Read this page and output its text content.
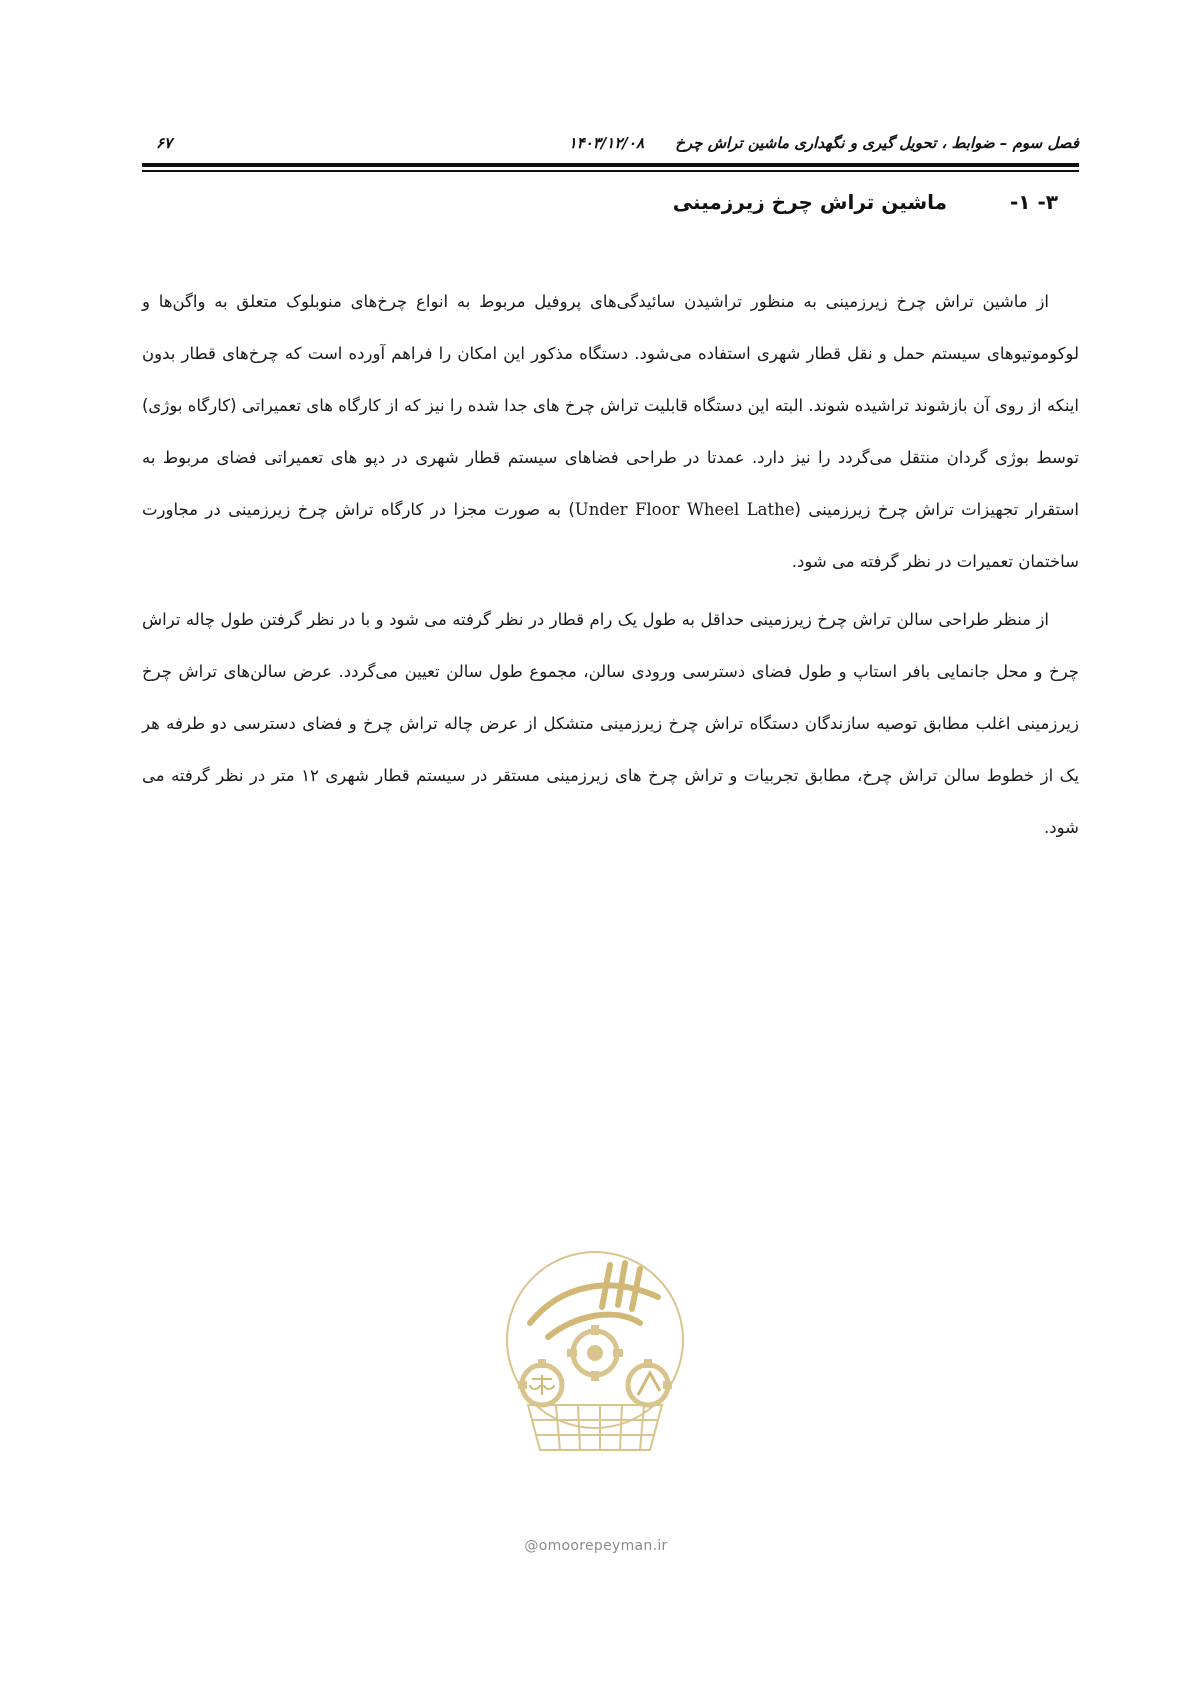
فصل سوم – ضوابط ، تحویل گیری و نگهداری ماشین تراش چرخ ۱۴۰۳/۱۲/۰۸
۶۷
۳- ۱- ماشین تراش چرخ زیرزمینی

از ماشین تراش چرخ زیرزمینی به منظور تراشیدن سائیدگی‌های پروفیل مربوط به انواع چرخ‌های منوبلوک متعلق به واگن‌ها و لوکوموتیوهای سیستم حمل و نقل قطار شهری استفاده می‌شود. دستگاه مذکور این امکان را فراهم آورده است که چرخ‌های قطار بدون اینکه از روی آن بازشوند تراشیده شوند. البته این دستگاه قابلیت تراش چرخ های جدا شده را نیز که از کارگاه های تعمیراتی (کارگاه بوژی) توسط بوژی گردان منتقل می‌گردد را نیز دارد. عمدتا در طراحی فضاهای سیستم قطار شهری در دپو های تعمیراتی فضای مربوط به استقرار تجهیزات تراش چرخ زیرزمینی (Under Floor Wheel Lathe) به صورت مجزا در کارگاه تراش چرخ زیرزمینی در مجاورت ساختمان تعمیرات در نظر گرفته می شود.

از منظر طراحی سالن تراش چرخ زیرزمینی حداقل به طول یک رام قطار در نظر گرفته می شود و با در نظر گرفتن طول چاله تراش چرخ و محل جانمایی بافر استاپ و طول فضای دسترسی ورودی سالن، مجموع طول سالن تعیین می‌گردد. عرض سالن‌های تراش چرخ زیرزمینی اغلب مطابق توصیه سازندگان دستگاه تراش چرخ زیرزمینی متشکل از عرض چاله تراش چرخ و فضای دسترسی دو طرفه هر یک از خطوط سالن تراش چرخ، مطابق تجربیات و تراش چرخ های زیرزمینی مستقر در سیستم قطار شهری ۱۲ متر در نظر گرفته می شود.

@omoorepeyman.ir
